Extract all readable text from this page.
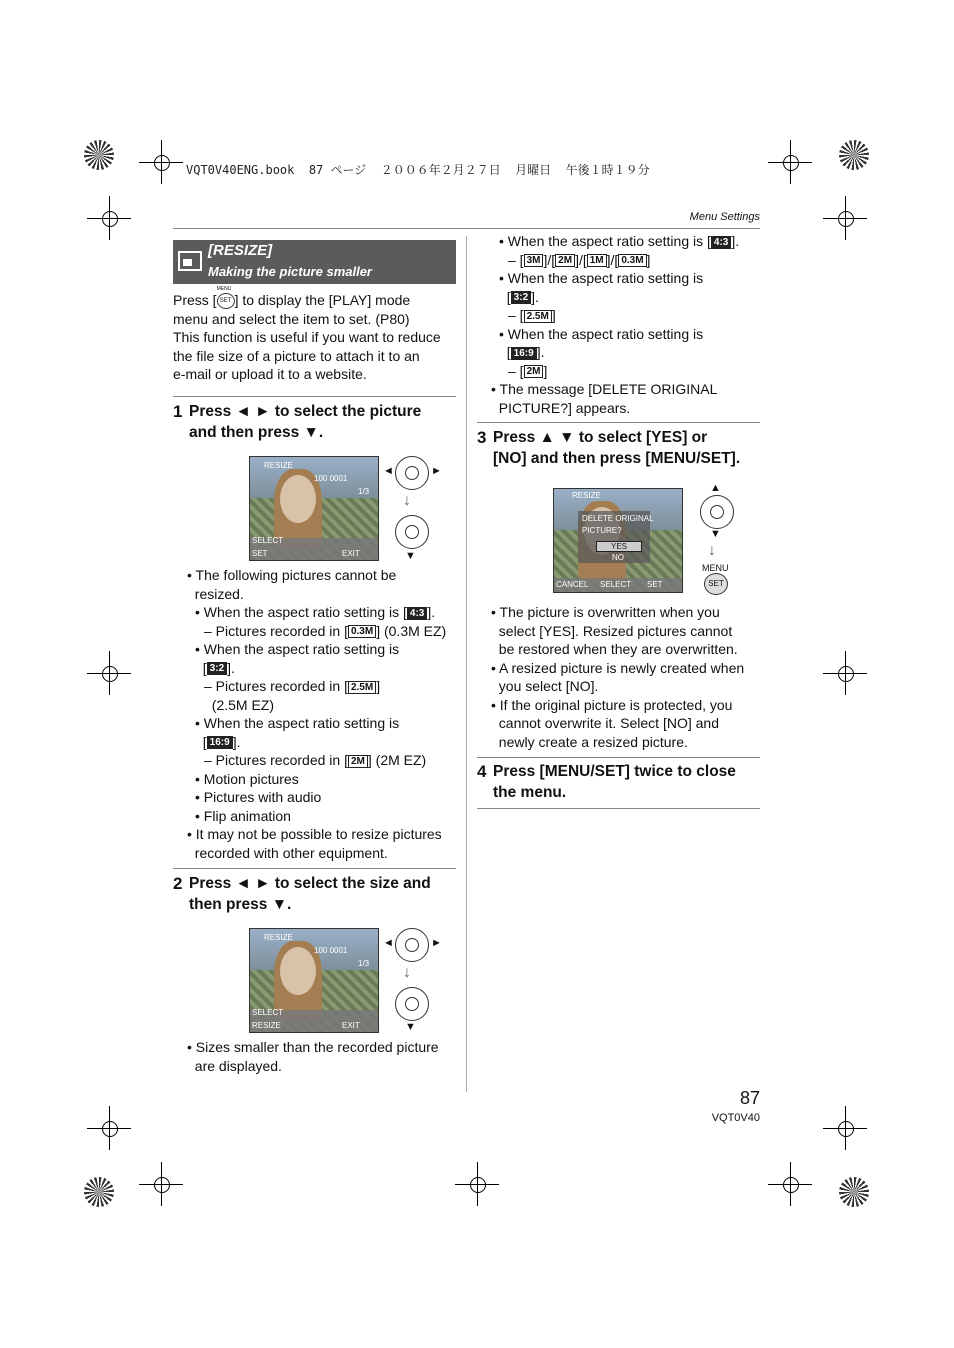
VQT0V40ENG.book  87 ページ  ２００６年２月２７日  月曜日  午後１時１９分
Menu Settings
[RESIZE]
Making the picture smaller
Press [ SET
MENU
] to display the [PLAY] mode
menu and select the item to set. (P80)
This function is useful if you want to reduce
the file size of a picture to attach it to an
e-mail or upload it to a website.
1 Press ◄ ► to select the picture
and then press ▼.
RESIZE
100 0001
1/3
SELECT
SET	EXIT
◄	►
↓
▼
• The following pictures cannot be
resized.
• When the aspect ratio setting is [ 4:3 ].
– Pictures recorded in [ 0.3M ] (0.3M EZ)
• When the aspect ratio setting is
[ 3:2 ].
– Pictures recorded in [ 2.5M ]
(2.5M EZ)
• When the aspect ratio setting is
[ 16:9 ].
– Pictures recorded in [ 2M ] (2M EZ)
• Motion pictures
• Pictures with audio
• Flip animation
• It may not be possible to resize pictures
recorded with other equipment.
2 Press ◄ ► to select the size and
then press ▼.
RESIZE
100 0001
1/3
SELECT
RESIZE	EXIT
◄	►
↓
▼
• Sizes smaller than the recorded picture
are displayed.
• When the aspect ratio setting is [ 4:3 ].
– [ 3M ]/[ 2M ]/[ 1M ]/[ 0.3M ]
• When the aspect ratio setting is
[ 3:2 ].
– [ 2.5M ]
• When the aspect ratio setting is
[ 16:9 ].
– [ 2M ]
• The message [DELETE ORIGINAL
PICTURE?] appears.
3 Press ▲ ▼ to select [YES] or
[NO] and then press [MENU/SET].
RESIZE
DELETE ORIGINAL
PICTURE?
YES
NO
CANCEL SELECT SET
▲
▼
↓
MENU
SET
• The picture is overwritten when you
select [YES]. Resized pictures cannot
be restored when they are overwritten.
• A resized picture is newly created when
you select [NO].
• If the original picture is protected, you
cannot overwrite it. Select [NO] and
newly create a resized picture.
4 Press [MENU/SET] twice to close
the menu.
87
VQT0V40
